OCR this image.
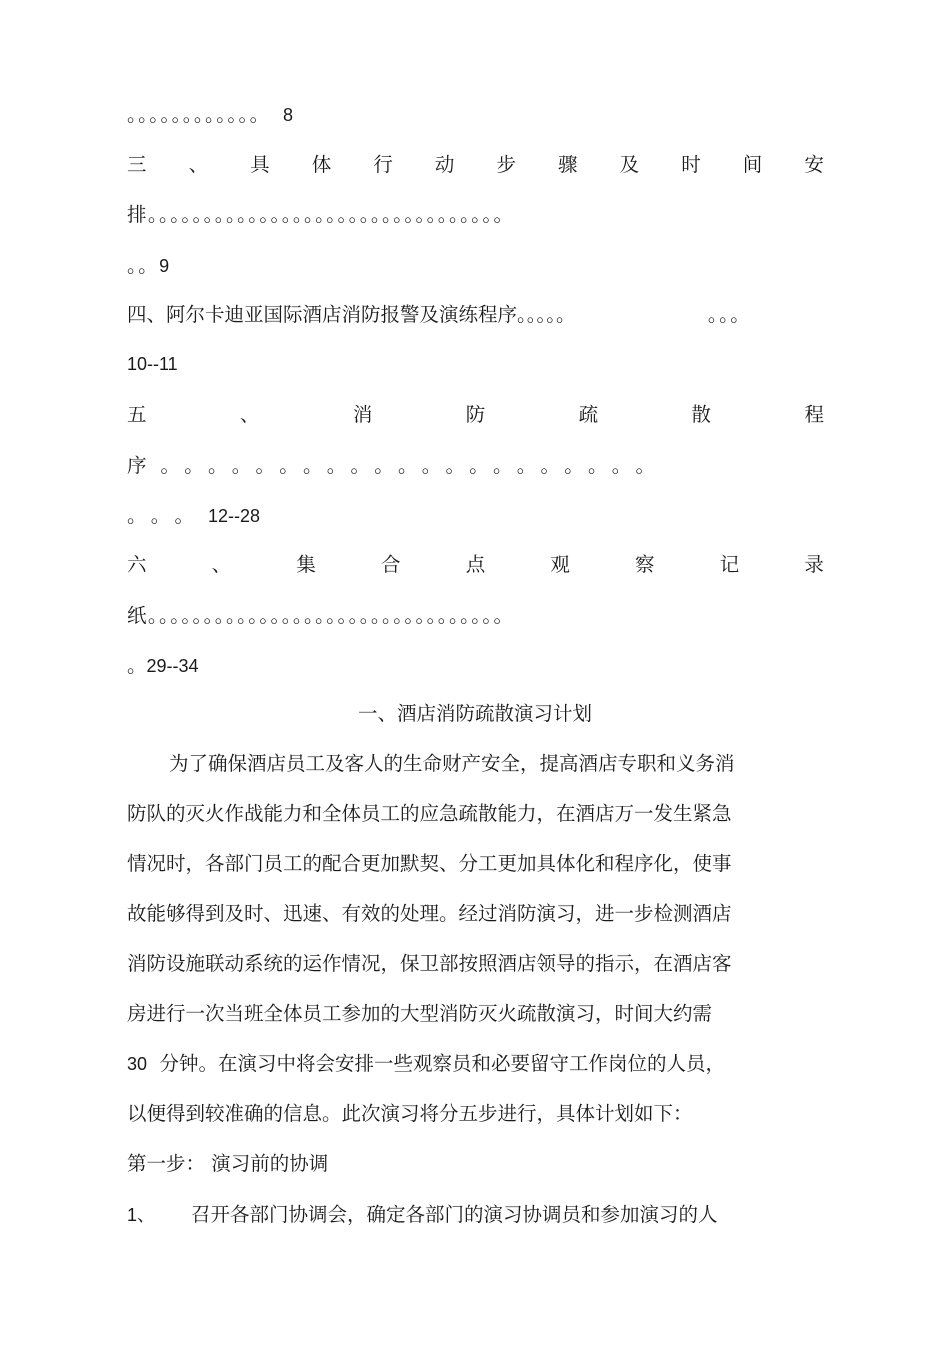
。。。。。。。。。。。。 8
三 、 具 体 行 动 步 骤 及 时 间 安
排。。。。。。。。。。。。。。。。。。。。。。。。。。。。。。。。
。。9
四、阿尔卡迪亚国际酒店消防报警及演练程序。。。。。	。。。
10--11
五	、	消	防	疏	散	程
序。。。。。。。。。。。。。。。。。。。。。
。。。12--28
六	、	集	合	点	观	察	记	录
纸。。。。。。。。。。。。。。。。。。。。。。。。。。。。。。。。
。29--34
一、酒店消防疏散演习计划
为了确保酒店员工及客人的生命财产安全，提高酒店专职和义务消
防队的灭火作战能力和全体员工的应急疏散能力，在酒店万一发生紧急
情况时，各部门员工的配合更加默契、分工更加具体化和程序化，使事
故能够得到及时、迅速、有效的处理。经过消防演习，进一步检测酒店
消防设施联动系统的运作情况，保卫部按照酒店领导的指示，在酒店客
房进行一次当班全体员工参加的大型消防灭火疏散演习，时间大约需
30 分钟。在演习中将会安排一些观察员和必要留守工作岗位的人员，
以便得到较准确的信息。此次演习将分五步进行，具体计划如下：
第一步： 演习前的协调
1、 召开各部门协调会，确定各部门的演习协调员和参加演习的人
